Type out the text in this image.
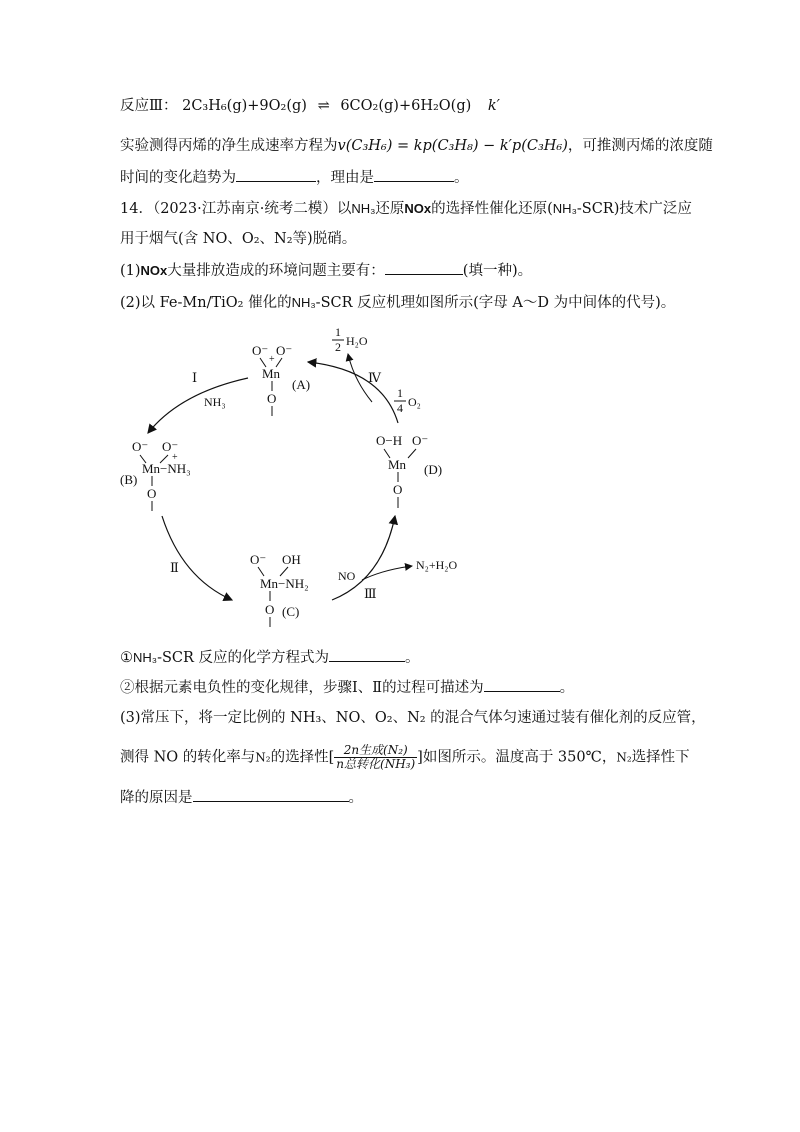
反应Ⅲ： 2C₃H₆(g)+9O₂(g) ⇌ 6CO₂(g)+6H₂O(g) k′
实验测得丙烯的净生成速率方程为v(C₃H₆) = kp(C₃H₈) − k′p(C₃H₆)，可推测丙烯的浓度随
时间的变化趋势为	，理由是	。
14．（2023·江苏南京·统考二模）以NH₃还原NOx的选择性催化还原(NH₃-SCR)技术广泛应
用于烟气(含 NO、O₂、N₂等)脱硝。
(1)NOx大量排放造成的环境问题主要有：	(填一种)。
(2)以 Fe-Mn/TiO₂ 催化的NH₃-SCR 反应机理如图所示(字母 A～D 为中间体的代号)。
O⁻ O⁻
+
Mn
(A)
O
O⁻ O⁻
+
Mn−NH₃
(B)
O
O⁻ OH
Mn−NH₂
O (C)
O−H O⁻
Mn (D)
O
Ⅰ
NH₃
Ⅱ
NO
N₂+H₂O
Ⅲ
Ⅳ
1
2 H₂O
1
4 O₂
①NH₃-SCR 反应的化学方程式为	。
②根据元素电负性的变化规律，步骤Ⅰ、Ⅱ的过程可描述为	。
(3)常压下，将一定比例的 NH₃、NO、O₂、N₂ 的混合气体匀速通过装有催化剂的反应管，
测得 NO 的转化率与N₂的选择性[ $\frac{\text{2n生成(N₂)}}{\text{n总转化(NH₃)}}$ ]如图所示。温度高于 350℃，N₂选择性下
降的原因是	。
